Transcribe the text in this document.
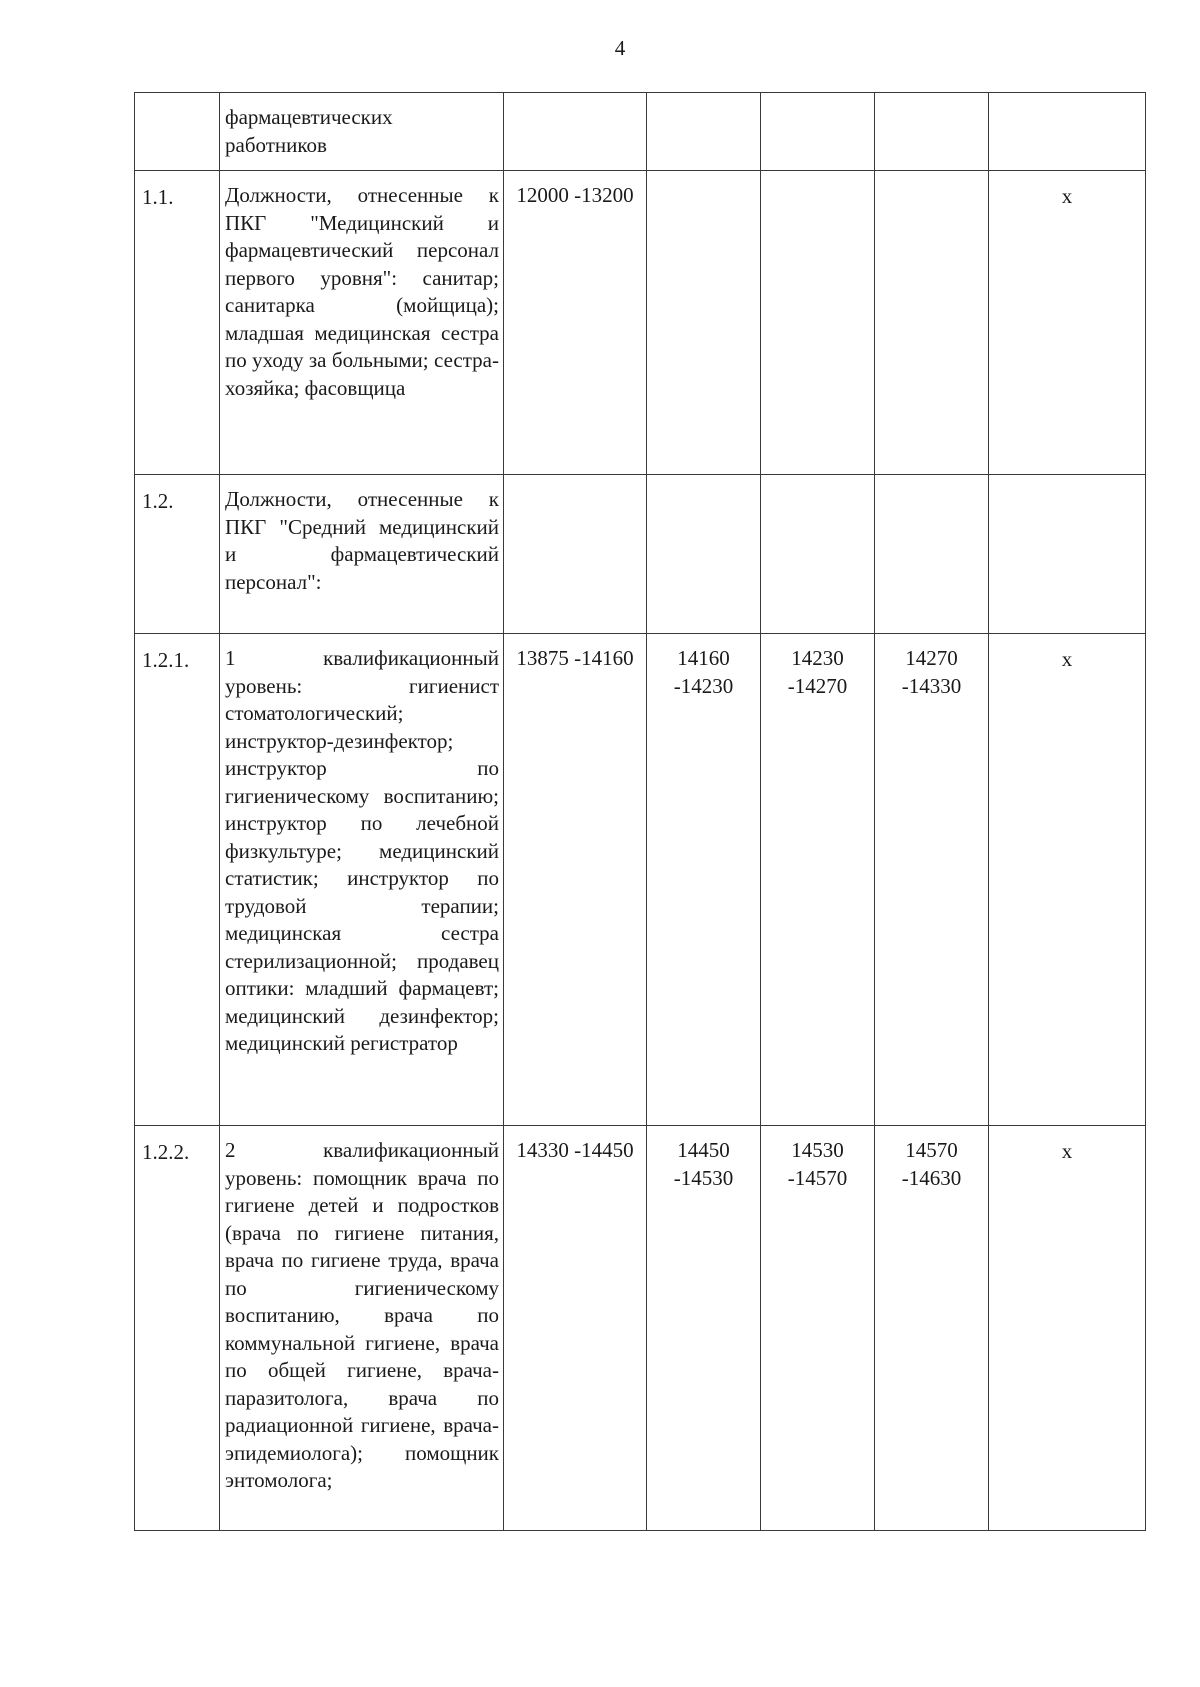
4
	фармацевтических работников					
1.1.	Должности, отнесенные к ПКГ "Медицинский и фармацевтический персонал первого уровня": санитар; санитарка (мойщица); младшая медицинская сестра по уходу за больными; сестра-хозяйка; фасовщица	12000 -13200				х
1.2.	Должности, отнесенные к ПКГ "Средний медицинский и фармацевтический персонал":					
1.2.1.	1 квалификационный уровень: гигиенист стоматологический; инструктор-дезинфектор; инструктор по гигиеническому воспитанию; инструктор по лечебной физкультуре; медицинский статистик; инструктор по трудовой терапии; медицинская сестра стерилизационной; продавец оптики: младший фармацевт; медицинский дезинфектор; медицинский регистратор	13875 -14160	14160 -14230	14230 -14270	14270 -14330	х
1.2.2.	2 квалификационный уровень: помощник врача по гигиене детей и подростков (врача по гигиене питания, врача по гигиене труда, врача по гигиеническому воспитанию, врача по коммунальной гигиене, врача по общей гигиене, врача-паразитолога, врача по радиационной гигиене, врача-эпидемиолога); помощник энтомолога;	14330 -14450	14450 -14530	14530 -14570	14570 -14630	х
